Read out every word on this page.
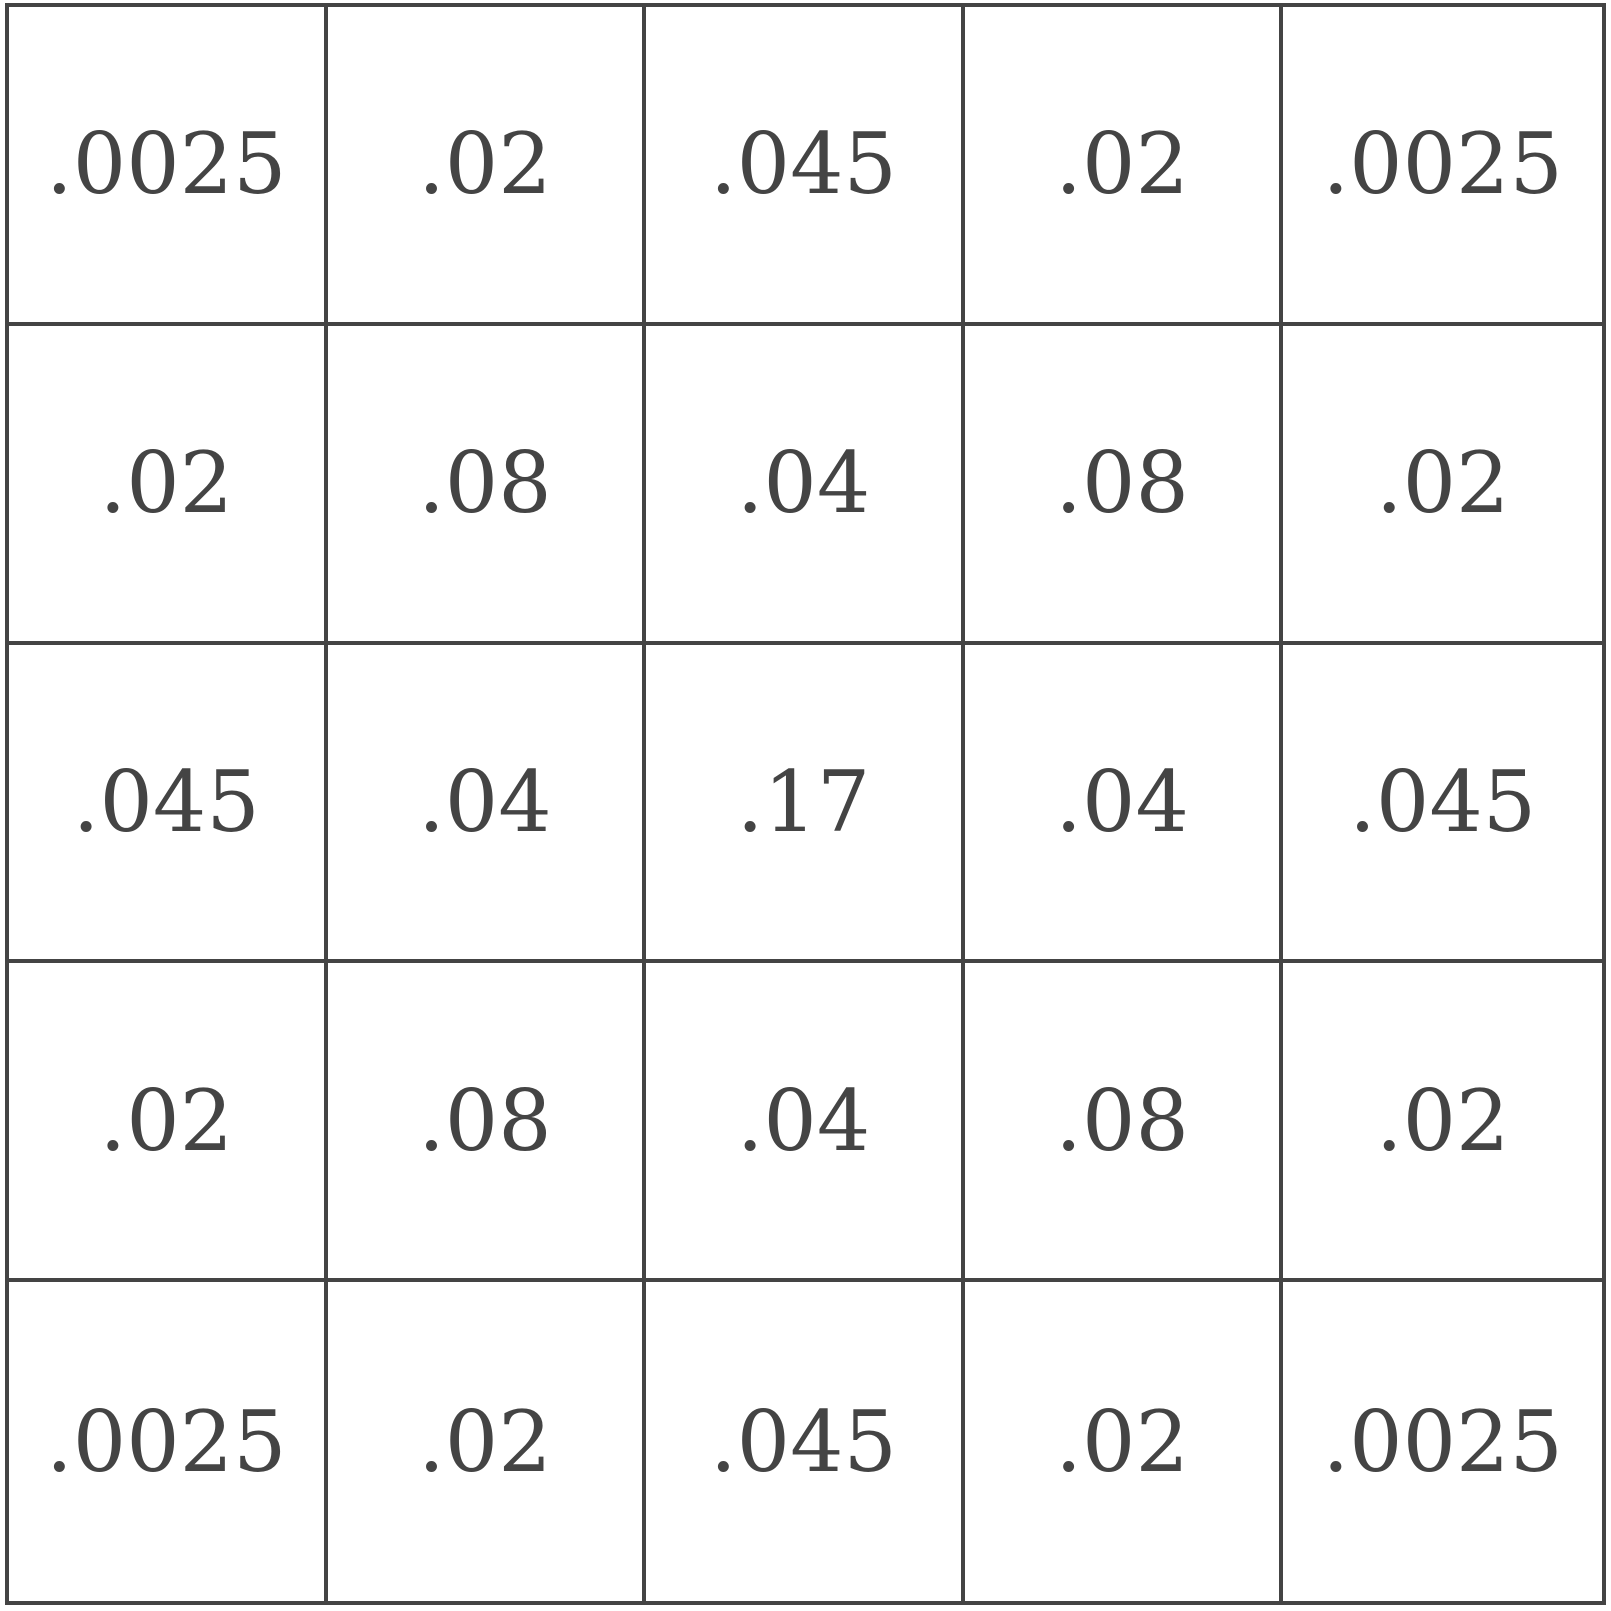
.0025	.02	.045	.02	.0025
.02	.08	.04	.08	.02
.045	.04	.17	.04	.045
.02	.08	.04	.08	.02
.0025	.02	.045	.02	.0025
